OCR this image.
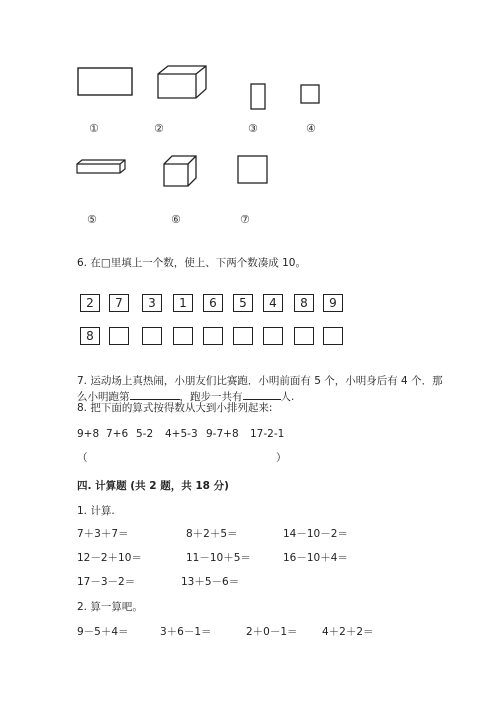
①	②	③	④
⑤	⑥	⑦
6. 在□里填上一个数，使上、下两个数凑成 10。
2	7	3	1	6	5	4	8	9
8
7. 运动场上真热闹，小朋友们比赛跑．小明前面有 5 个，小明身后有 4 个．那
么小明跑第	，跑步一共有	人.
8. 把下面的算式按得数从大到小排列起来:
9+8 7+6 5-2 4+5-3 9-7+8 17-2-1
（	）
四. 计算题 (共 2 题，共 18 分)
1. 计算.
7＋3＋7＝	8＋2＋5＝	14－10－2＝
12－2＋10＝	11－10＋5＝	16－10＋4＝
17－3－2＝	13＋5－6＝
2. 算一算吧。
9－5＋4＝	3＋6－1＝	2＋0－1＝ 4＋2＋2＝
